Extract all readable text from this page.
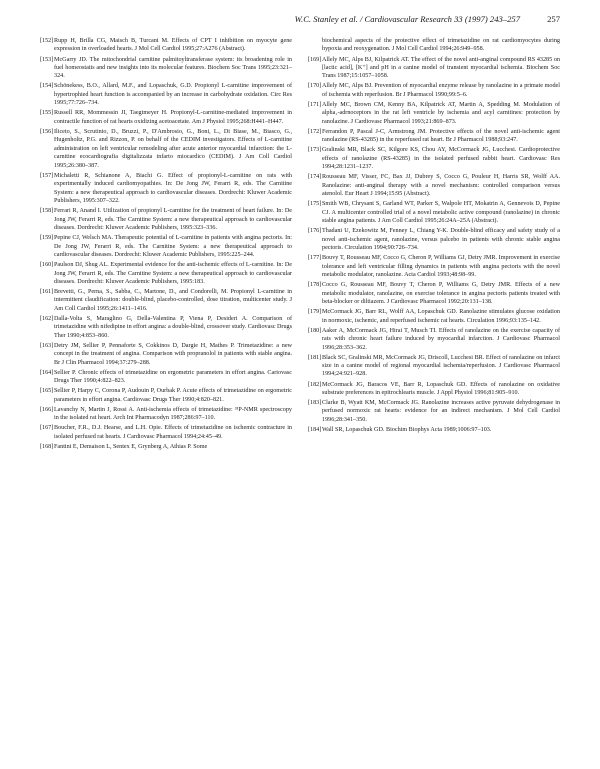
W.C. Stanley et al. / Cardiovascular Research 33 (1997) 243–257	257

[152]Rupp H, Brilla CG, Maisch B, Turcani M. Effects of CPT I inhibition on myocyte gene expression in overloaded hearts. J Mol Cell Cardiol 1995;27:A276 (Abstract).

[153]McGarry JD. The mitochondrial carnitine palmitoyltransferase system: its broadening role in fuel homeostatis and new insights into its molecular features. Biochem Soc Trans 1995;23:321–324.

[154]Schönekess, B.O., Allard, M.F., and Lopaschuk, G.D. Propionyl L-carnitine improvement of hypertrophied heart function is accompanied by an increase in carbohydrate oxidation. Circ Res 1995;77:726–734.

[155]Russell RR, Mommessin JI, Taegtmeyer H. Propionyl-L-carnitine-mediated improvement in contractile function of rat hearts oxidizing acetoacetate. Am J Physiol 1995;268:H441–H447.

[156]Iliceto, S., Scrutinio, D., Bruzzi, P., D'Ambrosio, G., Boni, L., Di Biase, M., Biasco, G., Hugenholtz, P.G. and Rizzon, P. on behalf of the CEDIM investigators. Effects of L-carnitine administration on left ventricular remodeling after acute anterior myocardial infarction: the L-carnitine ecocardiografia digitalizzata infarto miocardico (CEDIM). J Am Coll Cardiol 1995;26:380–387.

[157]Michaletti R, Schianone A, Biachi G. Effect of propionyl-L-carnitine on rats with experimentally induced cardiomyopathies. In: De Jong JW, Ferarri R, eds. The Carnitine System: a new therapeutical approach to cardiovascular diseases. Dordrecht: Kluwer Academic Publishers, 1995:307–322.

[158]Ferrari R, Anand I. Utilization of propionyl L-carnitine for the treatment of heart failure. In: De Jong JW, Ferarri R, eds. The Carnitine System: a new therapeutical approach to cardiovascular diseases. Dordrecht: Kluwer Academic Publishers, 1995:323–336.

[159]Pepine CJ, Welsch MA. Therapeutic potential of L-carnitine in patients with angina pectoris. In: De Jong JW, Ferarri R, eds. The Carnitine System: a new therapeutical approach to cardiovascular diseases. Dordrecht: Kluwer Academic Publishers, 1995:225–244.

[160]Paulson DJ, Shug AL. Experimental evidence for the anti-ischemic effects of L-carnitine. In: De Jong JW, Ferarri R, eds. The Carnitine System: a new therapeutical approach to cardiovascular diseases. Dordrecht: Kluwer Academic Publishers, 1995:183.

[161]Brevetti, G., Perna, S., Sabba, C., Martone, D., and Condorelli, M. Propionyl L-carnitine in intermittent claudification: double-blind, placebo-controlled, dose titration, multicenter study. J Am Coll Cardiol 1995;26:1411–1416.

[162]Dalla-Volta S, Maraglino G, Della-Valentina P, Viena P, Desideri A. Comparison of trimetazidine with nifedipine in effort angina: a double-blind, crossover study. Cardiovasc Drugs Ther 1990;4:853–860.

[163]Detry JM, Sellier P, Pennaforte S, Cokkinos D, Dargie H, Mathes P. Trimetazidine: a new concept in the treatment of angina. Comparison with propranolol in patients with stable angina. Br J Clin Pharmacol 1994;37:279–288.

[164]Sellier P. Chronic effects of trimetazidine on ergometric parameters in effort angina. Cariovasc Drugs Ther 1990;4:822–823.

[165]Sellier P, Harpy C, Corona P, Audouin P, Ourbak P. Acute effects of trimetazidine on ergometric parameters in effort angina. Cardiovasc Drugs Ther 1990;4:820–821.

[166]Lavanchy N, Martin J, Rossi A. Anti-ischemia effects of trimetazidine: ³¹P-NMR spectroscopy in the isolated rat heart. Arch Int Pharmacodyn 1987;286:97–110.

[167]Boucher, F.R., D.J. Hearse, and L.H. Opie. Effects of trimetazidine on ischemic contracture in isolated perfused rat hearts. J Cardiovasc Pharmacol 1994;24:45–49.

[168]Fantini E, Demaison L, Sentex E, Grynberg A, Athias P. Some

biochemical aspects of the protective effect of trimetazidine on rat cardiomyocytes during hypoxia and reoxygenation. J Mol Cell Cardiol 1994;26:949–958.

[169]Allely MC, Alps BJ, Kilpatrick AT. The effect of the novel anti-anginal compound RS 43285 on [lactic acid], [K⁺] and pH in a canine model of transient myocardial ischemia. Biochem Soc Trans 1987;15:1057–1058.

[170]Allely MC, Alps BJ. Prevention of myocardial enzyme release by ranolazine in a primate model of ischemia with reperfusion. Br J Pharmacol 1990;99:5–6.

[171]Allely MC, Brown CM, Kenny BA, Kilpatrick AT, Martin A, Spedding M. Modulation of alpha₁-adrnoceptors in the rat left ventricle by ischemia and acyl carnitines: protection by ranolazine. J Cardiovasc Pharmacol 1993;21:869–873.

[172]Ferrandon P, Pascal J-C, Armstrong JM. Protective effects of the novel anti-ischemic agent ranolazine (RS-43285) in the reperfused rat heart. Br J Pharmacol 1988;93:247.

[173]Gralinski MR, Black SC, Kilgore KS, Chou AY, McCormack JG, Lucchesi. Cardioprotective effects of ranolazine (RS-43285) in the isolated perfused rabbit heart. Cardiovasc Res 1994;28:1231–1237.

[174]Rousseau MF, Visser, FC, Bax JJ, Dubrey S, Cocco G, Pouleur H, Harris SR, Wolff AA. Ranolazine: anti-anginal therapy with a novel mechanism: controlled comparison versus atenolol. Eur Heart J 1994;15:95 (Abstract).

[175]Smith WB, Chrysant S, Garland WT, Parker S, Walpole HT, Mokatrin A, Gennevois D, Pepine CJ. A multicenter controlled trial of a novel metabolic active compound (ranolazine) in chronic stable angina patients. J Am Coll Cardiol 1995;26:24A–25A (Abstract).

[176]Thadani U, Ezekowitz M, Fenney L, Chiang Y-K. Double-blind efficacy and safety study of a novel anti-ischemic agent, ranolazine, versus palcebo in patients with chronic stable angina pectoris. Circulation 1994;90:726–734.

[177]Bouvy T, Rousseau MF, Cocco G, Cheron P, Williams GJ, Detry JMR. Improvement in exercise tolerance and left ventricular filling dynamics in patients with angina pectoris with the novel metabolic modulator, ranolazine. Acta Cardiol 1993;48:98–99.

[178]Cocco G, Rousseau MF, Bouvy T, Cheron P, Williams G, Detry JMR. Effects of a new metabolic modulator, ranolazine, on exercise tolerance in angina pectoris patients treated with beta-blocker or diltiazem. J Cardiovasc Pharmacol 1992;20:131–138.

[179]McCormack JG, Barr RL, Wolff AA, Lopaschuk GD. Ranolazine stimulates glucose oxidation in normoxic, ischemic, and reperfused ischemic rat hearts. Circulation 1996;93:135–142.

[180]Aaker A, McCormack JG, Hirai T, Musch TI. Effects of ranolazine on the exercise capacity of rats with chronic heart failure induced by myocardial infarction. J Cardiovasc Pharmacol 1996;28:353–362.

[181]Black SC, Gralinski MR, McCormack JG, Driscoll, Lucchesi BR. Effect of ranolazine on infarct size in a canine model of regional myocardial ischemia/reperfusion. J Cardiovasc Pharmacol 1994;24:921–928.

[182]McCormack JG, Baracos VE, Barr R, Lopaschuk GD. Effects of ranolazine on oxidative substrate preferences in epitrochlearis muscle. J Appl Physiol 1996;81:905–910.

[183]Clarke B, Wyatt KM, McCormack JG. Ranolazine increases active pyruvate dehydrogenase in perfused normoxic rat hearts: evidence for an indirect mechanism. J Mol Cell Cardiol 1996;28:341–350.

[184]Wall SR, Lopaschuk GD. Biochim Biophys Acta 1989;1006:97–103.
